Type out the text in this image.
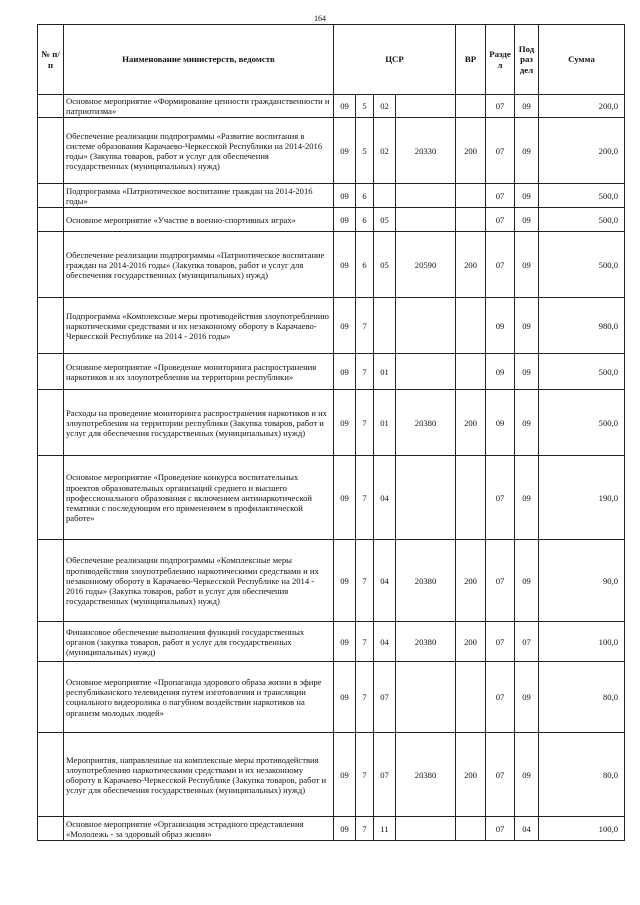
164
№ п/п	Наименование министерств, ведомств	ЦСР				ВР	Разде л	Под раз дел	Сумма
	Основное мероприятие «Формирование ценности гражданственности и патриотизма»	09	5	02			07	09	200,0
	Обеспечение реализации подпрограммы «Развитие воспитания в системе образования Карачаево-Черкесской Республики на 2014-2016 годы» (Закупка товаров, работ и услуг для обеспечения государственных (муниципальных) нужд)	09	5	02	20330	200	07	09	200,0
	Подпрограмма «Патриотическое воспитание граждан на 2014-2016 годы»	09	6				07	09	500,0
	Основное мероприятие «Участие в военно-спортивных играх»	09	6	05			07	09	500,0
	Обеспечение реализации подпрограммы «Патриотическое воспитание граждан на 2014-2016 годы» (Закупка товаров, работ и услуг для обеспечения государственных (муниципальных) нужд)	09	6	05	20590	200	07	09	500,0
	Подпрограмма «Комплексные меры противодействия злоупотреблению наркотическими средствами и их незаконному обороту в Карачаево-Черкесской Республике на 2014 - 2016 годы»	09	7				09	09	980,0
	Основное мероприятие «Проведение мониторинга распространения наркотиков и их злоупотребления на территории республики»	09	7	01			09	09	500,0
	Расходы на проведение мониторинга распространения наркотиков и их злоупотребления на территории республики (Закупка товаров, работ и услуг для обеспечения государственных (муниципальных) нужд)	09	7	01	20380	200	09	09	500,0
	Основное мероприятие «Проведение конкурса воспитательных проектов образовательных организаций среднего и высшего профессионального образования с включением антинаркотической тематики с последующим его применением в профилактической работе»	09	7	04			07	09	190,0
	Обеспечение реализации подпрограммы «Комплексные меры противодействия злоупотреблению наркотическими средствами и их незаконному обороту в Карачаево-Черкесской Республике на 2014 - 2016 годы» (Закупка товаров, работ и услуг для обеспечения государственных (муниципальных) нужд)	09	7	04	20380	200	07	09	90,0
	Финансовое обеспечение выполнения функций государственных органов (закупка товаров, работ и услуг для государственных (муниципальных) нужд)	09	7	04	20380	200	07	07	100,0
	Основное мероприятие «Пропаганда здорового образа жизни в эфире республиканского телевидения путем изготовления и трансляции социального видеоролика о пагубном воздействии наркотиков на организм молодых людей»	09	7	07			07	09	80,0
	Мероприятия, направленные на комплексные меры противодействия злоупотреблению наркотическими средствами и их незаконному обороту в Карачаево-Черкесской Республике (Закупка товаров, работ и услуг для обеспечения государственных (муниципальных) нужд)	09	7	07	20380	200	07	09	80,0
	Основное мероприятие «Организация эстрадного представления «Мололежь - за здоровый образ жизни»	09	7	11			07	04	100,0
